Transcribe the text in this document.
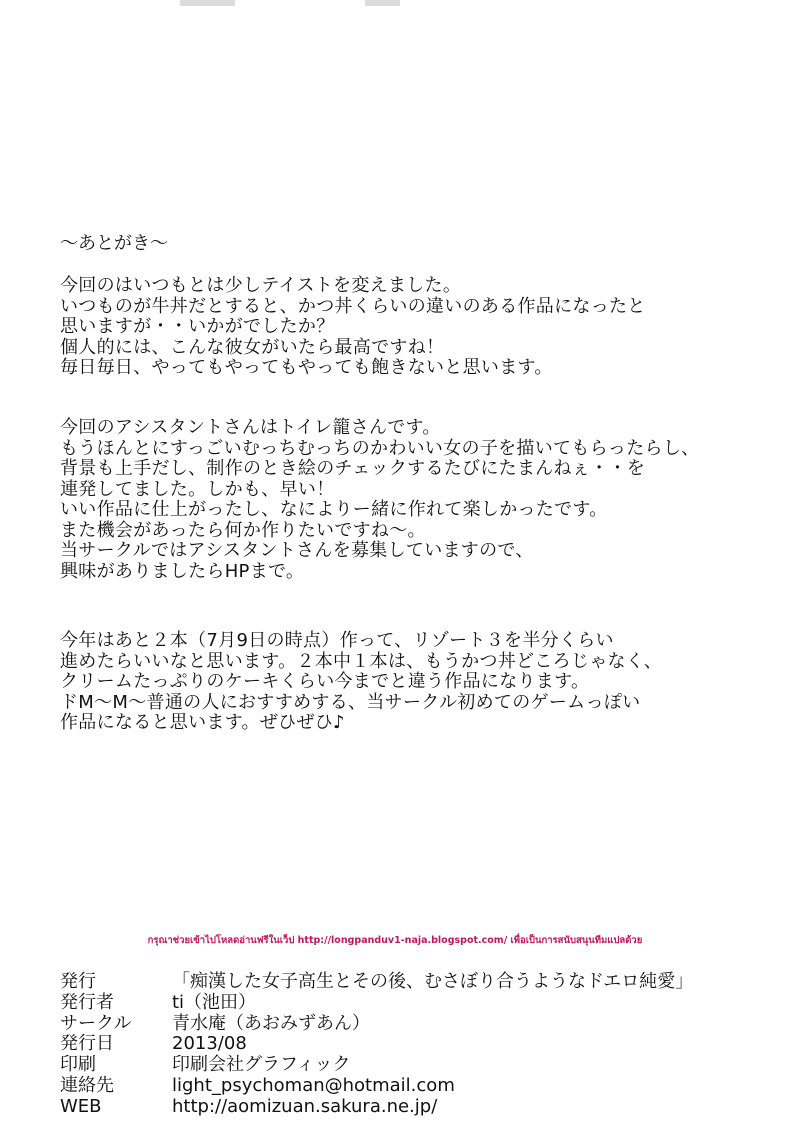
〜あとがき〜
今回のはいつもとは少しテイストを変えました。
いつものが牛丼だとすると、かつ丼くらいの違いのある作品になったと
思いますが・・いかがでしたか？
個人的には、こんな彼女がいたら最高ですね！
毎日毎日、やってもやってもやっても飽きないと思います。
今回のアシスタントさんはトイレ籠さんです。
もうほんとにすっごいむっちむっちのかわいい女の子を描いてもらったらし、
背景も上手だし、制作のとき絵のチェックするたびにたまんねぇ・・を
連発してました。しかも、早い！
いい作品に仕上がったし、なによりー緒に作れて楽しかったです。
また機会があったら何か作りたいですね〜。
当サークルではアシスタントさんを募集していますので、
興味がありましたらHPまで。
今年はあと２本（7月9日の時点）作って、リゾート３を半分くらい
進めたらいいなと思います。２本中１本は、もうかつ丼どころじゃなく、
クリームたっぷりのケーキくらい今までと違う作品になります。
ドM〜M〜普通の人におすすめする、当サークル初めてのゲームっぽい
作品になると思います。ぜひぜひ♪
กรุณาช่วยเข้าไปโหลดอ่านฟรีในเว็ป http://longpanduv1-naja.blogspot.com/ เพื่อเป็นการสนับสนุนทีมแปลด้วย
発行	「痴漢した女子高生とその後、むさぼり合うようなドエロ純愛」
発行者	ti（池田）
サークル	青水庵（あおみずあん）
発行日	2013/08
印刷	印刷会社グラフィック
連絡先	light_psychoman@hotmail.com
WEB	http://aomizuan.sakura.ne.jp/
